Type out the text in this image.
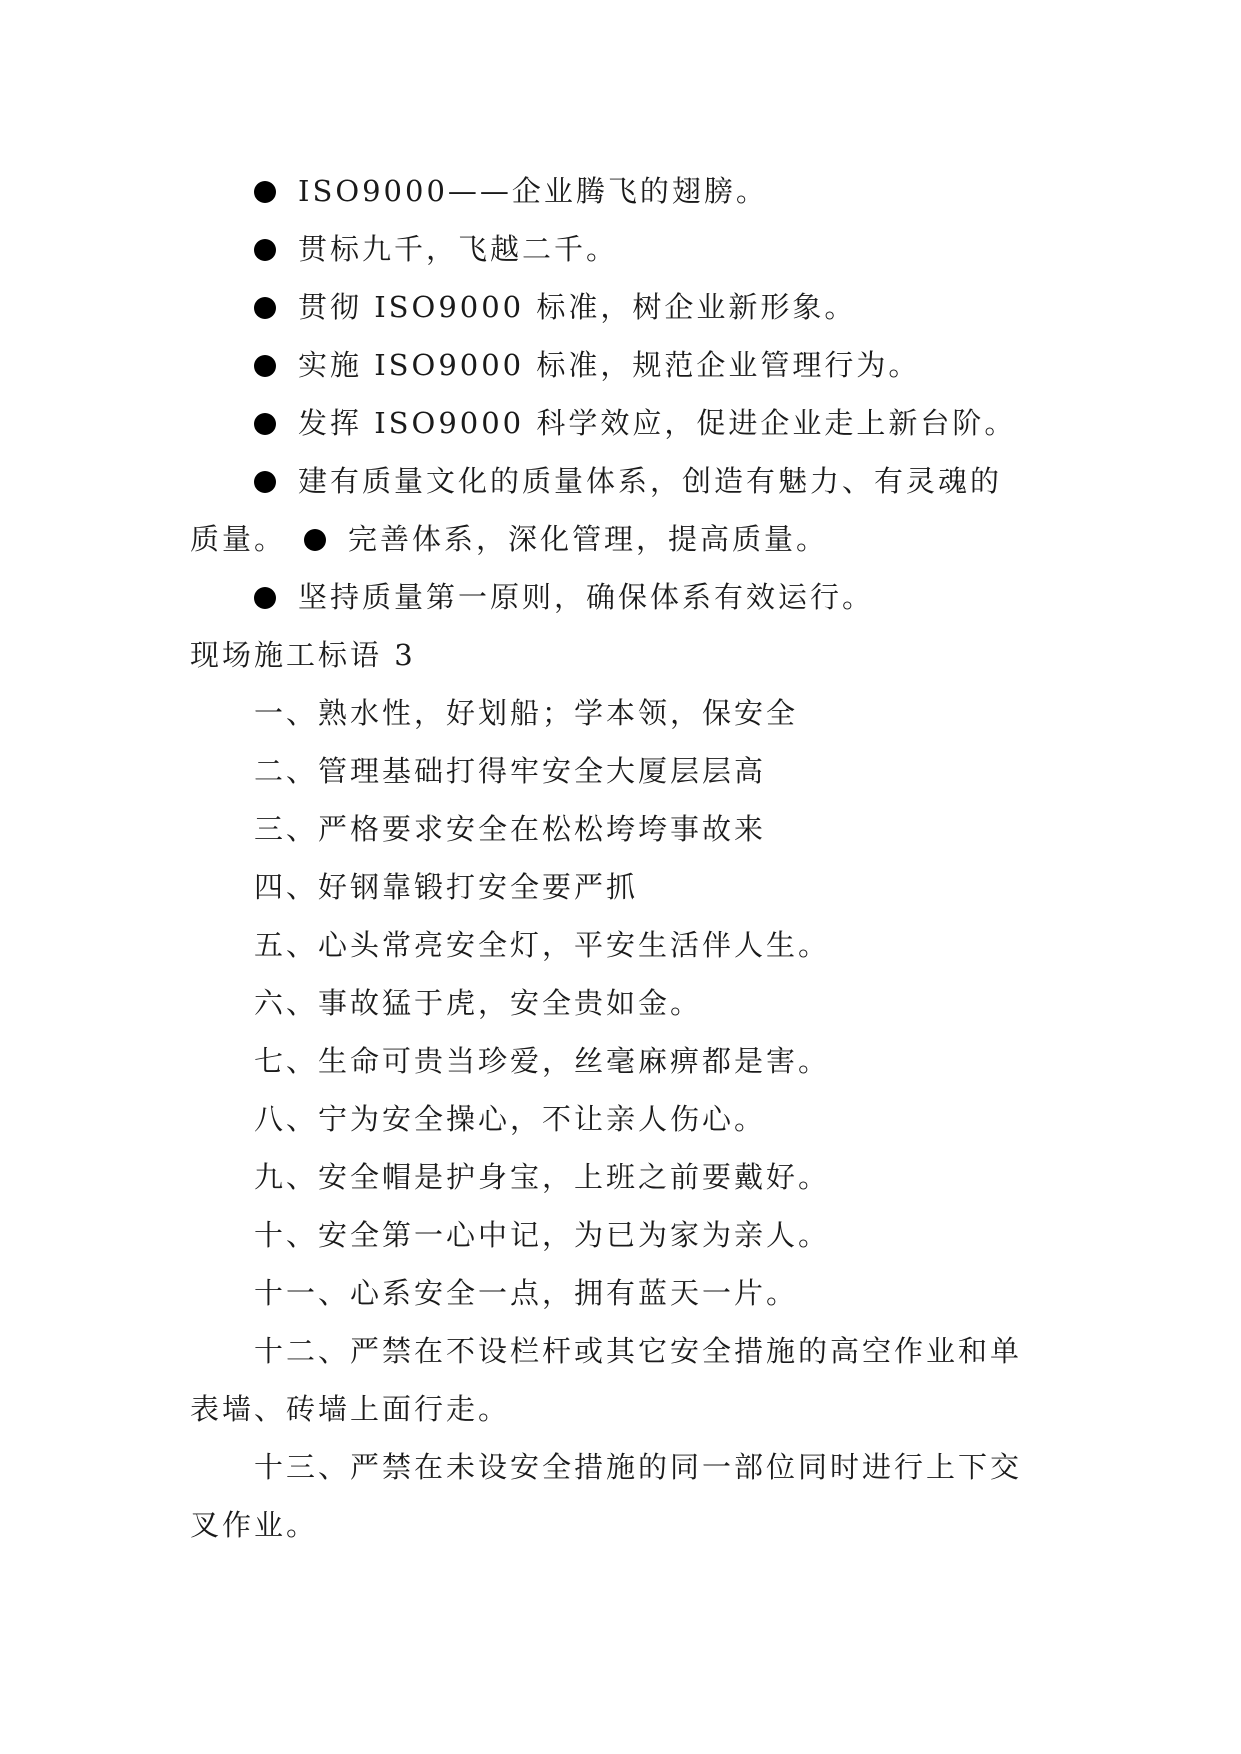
ISO9000——企业腾飞的翅膀。
贯标九千，飞越二千。
贯彻 ISO9000 标准，树企业新形象。
实施 ISO9000 标准，规范企业管理行为。
发挥 ISO9000 科学效应，促进企业走上新台阶。
建有质量文化的质量体系，创造有魅力、有灵魂的
质量。 完善体系，深化管理，提高质量。
坚持质量第一原则，确保体系有效运行。
现场施工标语 3
一、熟水性，好划船；学本领，保安全
二、管理基础打得牢安全大厦层层高
三、严格要求安全在松松垮垮事故来
四、好钢靠锻打安全要严抓
五、心头常亮安全灯，平安生活伴人生。
六、事故猛于虎，安全贵如金。
七、生命可贵当珍爱，丝毫麻痹都是害。
八、宁为安全操心，不让亲人伤心。
九、安全帽是护身宝，上班之前要戴好。
十、安全第一心中记，为已为家为亲人。
十一、心系安全一点，拥有蓝天一片。
十二、严禁在不设栏杆或其它安全措施的高空作业和单
表墙、砖墙上面行走。
十三、严禁在未设安全措施的同一部位同时进行上下交
叉作业。
